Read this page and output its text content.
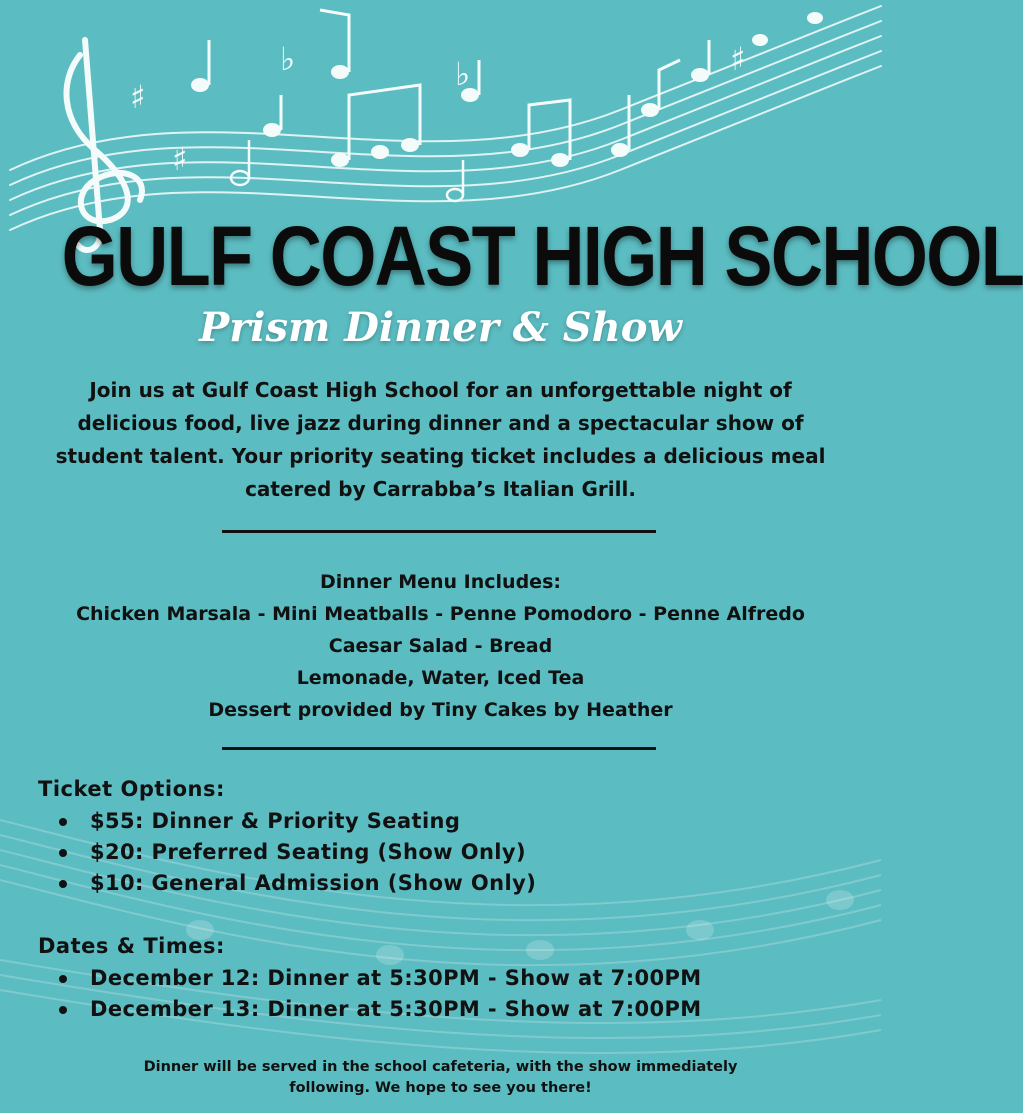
♯
♯
♭	♭	♯
GULF COAST HIGH SCHOOL
Prism Dinner & Show
Join us at Gulf Coast High School for an unforgettable night of
delicious food, live jazz during dinner and a spectacular show of
student talent. Your priority seating ticket includes a delicious meal
catered by Carrabba’s Italian Grill.
Dinner Menu Includes:
Chicken Marsala - Mini Meatballs - Penne Pomodoro - Penne Alfredo
Caesar Salad - Bread
Lemonade, Water, Iced Tea
Dessert provided by Tiny Cakes by Heather
Ticket Options:
$55: Dinner & Priority Seating
$20: Preferred Seating (Show Only)
$10: General Admission (Show Only)
Dates & Times:
December 12: Dinner at 5:30PM - Show at 7:00PM
December 13: Dinner at 5:30PM - Show at 7:00PM
Dinner will be served in the school cafeteria, with the show immediately
following. We hope to see you there!
